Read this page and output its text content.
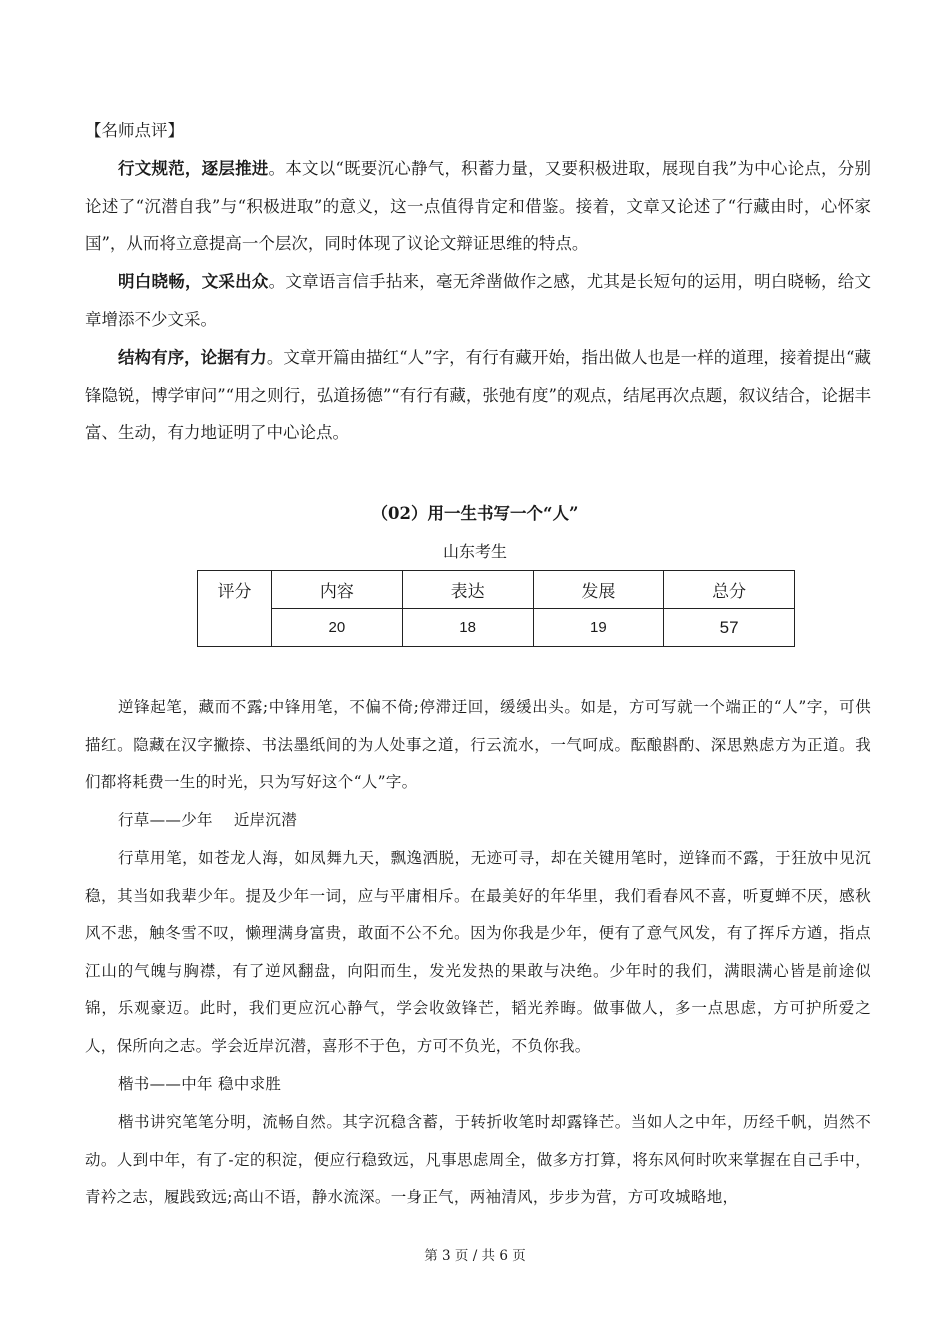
【名师点评】

行文规范，逐层推进。本文以“既要沉心静气，积蓄力量，又要积极进取，展现自我”为中心论点，分别论述了“沉潜自我”与“积极进取”的意义，这一点值得肯定和借鉴。接着，文章又论述了“行藏由时，心怀家国”，从而将立意提高一个层次，同时体现了议论文辩证思维的特点。

明白晓畅，文采出众。文章语言信手拈来，毫无斧凿做作之感，尤其是长短句的运用，明白晓畅，给文章增添不少文采。

结构有序，论据有力。文章开篇由描红“人”字，有行有藏开始，指出做人也是一样的道理，接着提出“藏锋隐锐，博学审问”“用之则行，弘道扬德”“有行有藏，张弛有度”的观点，结尾再次点题，叙议结合，论据丰富、生动，有力地证明了中心论点。

（02）用一生书写一个“人”
山东考生
评分	内容	表达	发展	总分
	20	18	19	57

逆锋起笔，藏而不露;中锋用笔，不偏不倚;停滞迂回，缓缓出头。如是，方可写就一个端正的“人”字，可供描红。隐藏在汉字撇捺、书法墨纸间的为人处事之道，行云流水，一气呵成。酝酿斟酌、深思熟虑方为正道。我们都将耗费一生的时光，只为写好这个“人”字。

行草——少年　 近岸沉潜

行草用笔，如苍龙人海，如凤舞九天，飘逸洒脱，无迹可寻，却在关键用笔时，逆锋而不露，于狂放中见沉稳，其当如我辈少年。提及少年一词，应与平庸相斥。在最美好的年华里，我们看春风不喜，听夏蝉不厌，感秋风不悲，触冬雪不叹，懒理满身富贵，敢面不公不允。因为你我是少年，便有了意气风发，有了挥斥方遒，指点江山的气魄与胸襟，有了逆风翻盘，向阳而生，发光发热的果敢与决绝。少年时的我们，满眼满心皆是前途似锦，乐观豪迈。此时，我们更应沉心静气，学会收敛锋芒，韬光养晦。做事做人，多一点思虑，方可护所爱之人，保所向之志。学会近岸沉潜，喜形不于色，方可不负光，不负你我。

楷书——中年 稳中求胜

楷书讲究笔笔分明，流畅自然。其字沉稳含蓄，于转折收笔时却露锋芒。当如人之中年，历经千帆，岿然不动。人到中年，有了-定的积淀，便应行稳致远，凡事思虑周全，做多方打算，将东风何时吹来掌握在自己手中，青衿之志，履践致远;高山不语，静水流深。一身正气，两袖清风，步步为营，方可攻城略地，

第 3 页 / 共 6 页
